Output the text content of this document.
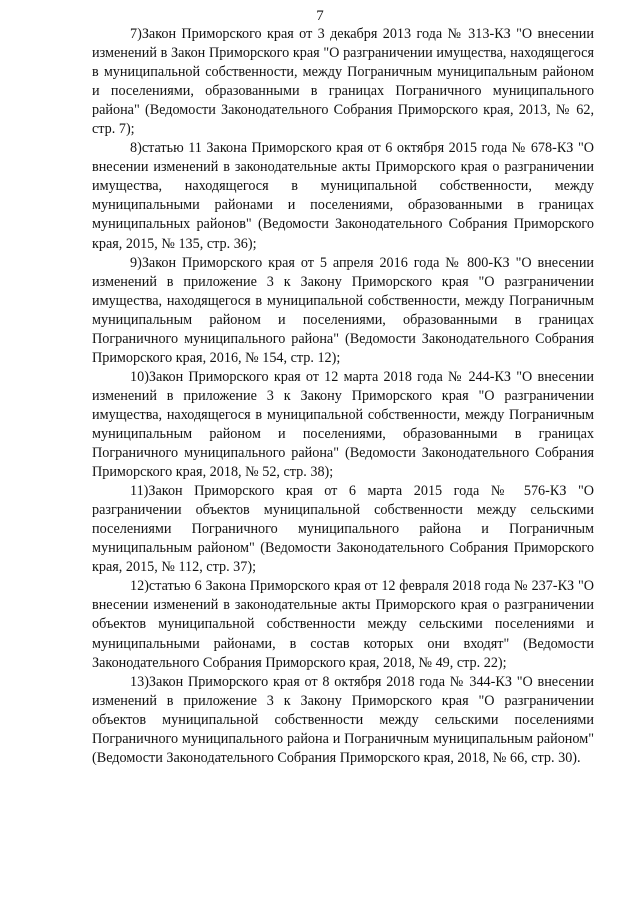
7

7)Закон Приморского края от 3 декабря 2013 года № 313-КЗ "О внесении изменений в Закон Приморского края "О разграничении имущества, находящегося в муниципальной собственности, между Пограничным муниципальным районом и поселениями, образованными в границах Пограничного муниципального района" (Ведомости Законодательного Собрания Приморского края, 2013, № 62, стр. 7);

8)статью 11 Закона Приморского края от 6 октября 2015 года № 678-КЗ "О внесении изменений в законодательные акты Приморского края о разграничении имущества, находящегося в муниципальной собственности, между муниципальными районами и поселениями, образованными в границах муниципальных районов" (Ведомости Законодательного Собрания Приморского края, 2015, № 135, стр. 36);

9)Закон Приморского края от 5 апреля 2016 года № 800-КЗ "О внесении изменений в приложение 3 к Закону Приморского края "О разграничении имущества, находящегося в муниципальной собственности, между Пограничным муниципальным районом и поселениями, образованными в границах Пограничного муниципального района" (Ведомости Законодательного Собрания Приморского края, 2016, № 154, стр. 12);

10)Закон Приморского края от 12 марта 2018 года № 244-КЗ "О внесении изменений в приложение 3 к Закону Приморского края "О разграничении имущества, находящегося в муниципальной собственности, между Пограничным муниципальным районом и поселениями, образованными в границах Пограничного муниципального района" (Ведомости Законодательного Собрания Приморского края, 2018, № 52, стр. 38);

11)Закон Приморского края от 6 марта 2015 года № 576-КЗ "О разграничении объектов муниципальной собственности между сельскими поселениями Пограничного муниципального района и Пограничным муниципальным районом" (Ведомости Законодательного Собрания Приморского края, 2015, № 112, стр. 37);

12)статью 6 Закона Приморского края от 12 февраля 2018 года № 237-КЗ "О внесении изменений в законодательные акты Приморского края о разграничении объектов муниципальной собственности между сельскими поселениями и муниципальными районами, в состав которых они входят" (Ведомости Законодательного Собрания Приморского края, 2018, № 49, стр. 22);

13)Закон Приморского края от 8 октября 2018 года № 344-КЗ "О внесении изменений в приложение 3 к Закону Приморского края "О разграничении объектов муниципальной собственности между сельскими поселениями Пограничного муниципального района и Пограничным муниципальным районом" (Ведомости Законодательного Собрания Приморского края, 2018, № 66, стр. 30).
